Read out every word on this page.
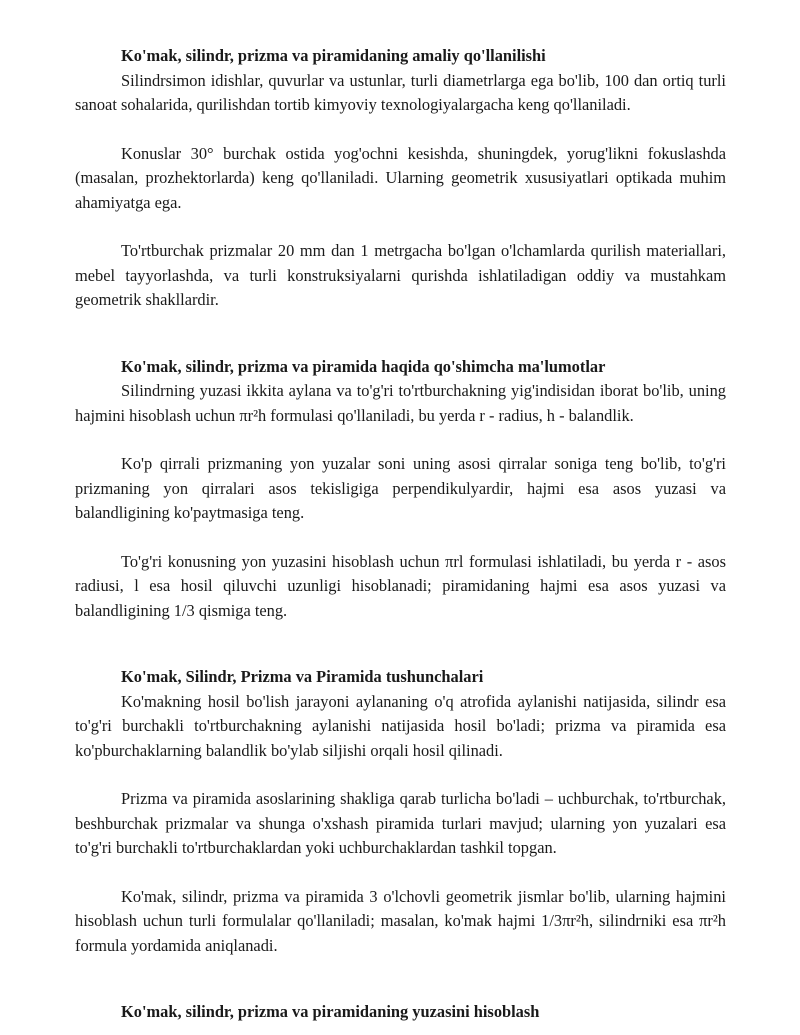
Ko'mak, silindr, prizma va piramidaning amaliy qo'llanilishi

Silindrsimon idishlar, quvurlar va ustunlar, turli diametrlarga ega bo'lib, 100 dan ortiq turli sanoat sohalarida, qurilishdan tortib kimyoviy texnologiyalargacha keng qo'llaniladi.

Konuslar 30° burchak ostida yog'ochni kesishda, shuningdek, yorug'likni fokuslashda (masalan, prozhektorlarda) keng qo'llaniladi. Ularning geometrik xususiyatlari optikada muhim ahamiyatga ega.

To'rtburchak prizmalar 20 mm dan 1 metrgacha bo'lgan o'lchamlarda qurilish materiallari, mebel tayyorlashda, va turli konstruksiyalarni qurishda ishlatiladigan oddiy va mustahkam geometrik shakllardir.

Ko'mak, silindr, prizma va piramida haqida qo'shimcha ma'lumotlar

Silindrning yuzasi ikkita aylana va to'g'ri to'rtburchakning yig'indisidan iborat bo'lib, uning hajmini hisoblash uchun πr²h formulasi qo'llaniladi, bu yerda r - radius, h - balandlik.

Ko'p qirrali prizmaning yon yuzalar soni uning asosi qirralar soniga teng bo'lib, to'g'ri prizmaning yon qirralari asos tekisligiga perpendikulyardir, hajmi esa asos yuzasi va balandligining ko'paytmasiga teng.

To'g'ri konusning yon yuzasini hisoblash uchun πrl formulasi ishlatiladi, bu yerda r - asos radiusi, l esa hosil qiluvchi uzunligi hisoblanadi; piramidaning hajmi esa asos yuzasi va balandligining 1/3 qismiga teng.

Ko'mak, Silindr, Prizma va Piramida tushunchalari

Ko'makning hosil bo'lish jarayoni aylananing o'q atrofida aylanishi natijasida, silindr esa to'g'ri burchakli to'rtburchakning aylanishi natijasida hosil bo'ladi; prizma va piramida esa ko'pburchaklarning balandlik bo'ylab siljishi orqali hosil qilinadi.

Prizma va piramida asoslarining shakliga qarab turlicha bo'ladi – uchburchak, to'rtburchak, beshburchak prizmalar va shunga o'xshash piramida turlari mavjud; ularning yon yuzalari esa to'g'ri burchakli to'rtburchaklardan yoki uchburchaklardan tashkil topgan.

Ko'mak, silindr, prizma va piramida 3 o'lchovli geometrik jismlar bo'lib, ularning hajmini hisoblash uchun turli formulalar qo'llaniladi; masalan, ko'mak hajmi 1/3πr²h, silindrniki esa πr²h formula yordamida aniqlanadi.

Ko'mak, silindr, prizma va piramidaning yuzasini hisoblash
